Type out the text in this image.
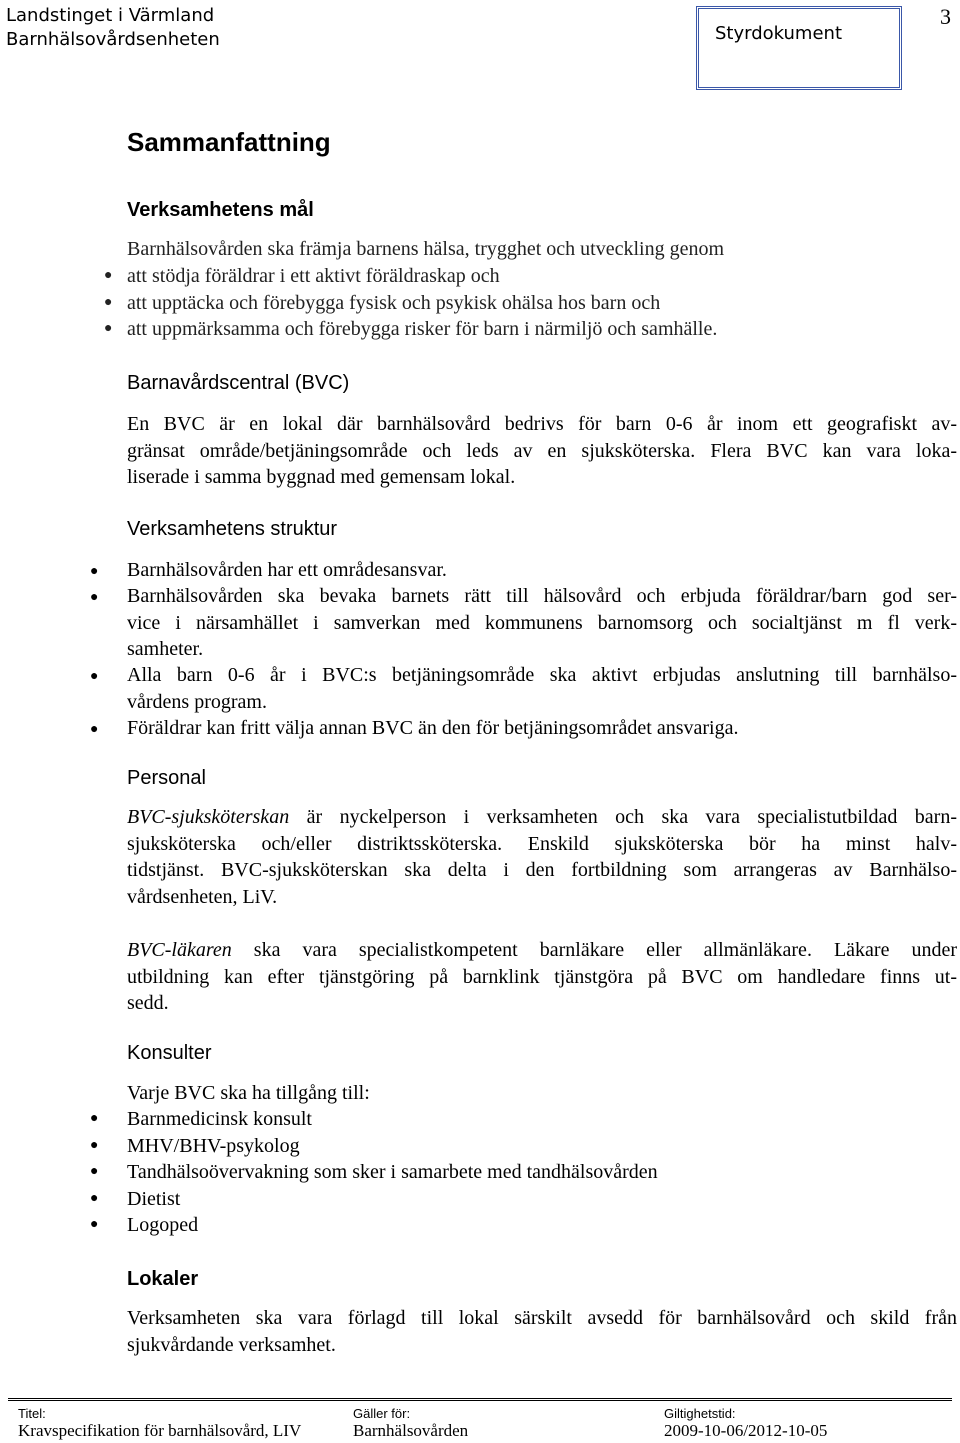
Landstinget i Värmland
Barnhälsovårdsenheten	Styrdokument
3
Sammanfattning
Verksamhetens mål
Barnhälsovården ska främja barnens hälsa, trygghet och utveckling genom
● att stödja föräldrar i ett aktivt föräldraskap och
● att upptäcka och förebygga fysisk och psykisk ohälsa hos barn och
● att uppmärksamma och förebygga risker för barn i närmiljö och samhälle.
Barnavårdscentral (BVC)
En BVC är en lokal där barnhälsovård bedrivs för barn 0-6 år inom ett geografiskt av-
gränsat område/betjäningsområde och leds av en sjuksköterska. Flera BVC kan vara loka-
liserade i samma byggnad med gemensam lokal.
Verksamhetens struktur
● Barnhälsovården har ett områdesansvar.
● Barnhälsovården ska bevaka barnets rätt till hälsovård och erbjuda föräldrar/barn god ser-
vice i närsamhället i samverkan med kommunens barnomsorg och socialtjänst m fl verk-
samheter.
● Alla barn 0-6 år i BVC:s betjäningsområde ska aktivt erbjudas anslutning till barnhälso-
vårdens program.
● Föräldrar kan fritt välja annan BVC än den för betjäningsområdet ansvariga.
Personal
BVC-sjuksköterskan är nyckelperson i verksamheten och ska vara specialistutbildad barn-
sjuksköterska och/eller distriktssköterska. Enskild sjuksköterska bör ha minst halv-
tidstjänst. BVC-sjuksköterskan ska delta i den fortbildning som arrangeras av Barnhälso-
vårdsenheten, LiV.
BVC-läkaren ska vara specialistkompetent barnläkare eller allmänläkare. Läkare under
utbildning kan efter tjänstgöring på barnklink tjänstgöra på BVC om handledare finns ut-
sedd.
Konsulter
Varje BVC ska ha tillgång till:
● Barnmedicinsk konsult
● MHV/BHV-psykolog
● Tandhälsoövervakning som sker i samarbete med tandhälsovården
● Dietist
● Logoped
Lokaler
Verksamheten ska vara förlagd till lokal särskilt avsedd för barnhälsovård och skild från
sjukvårdande verksamhet.
Titel:
Kravspecifikation för barnhälsovård, LIV
Gäller för:
Barnhälsovården
Giltighetstid:
2009-10-06/2012-10-05
